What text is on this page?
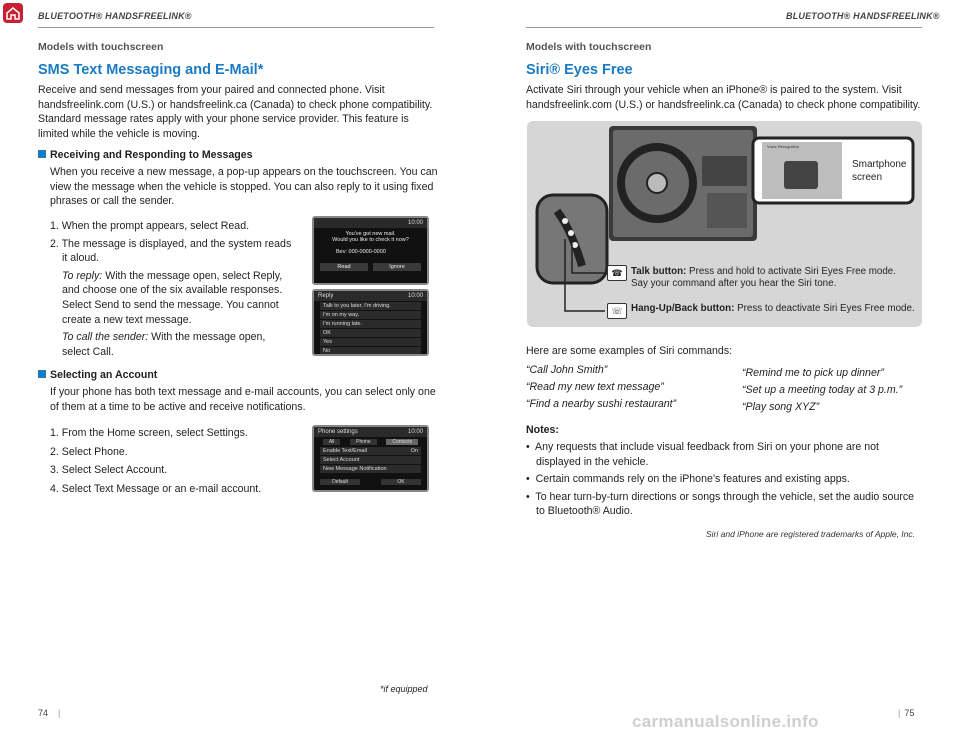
BLUETOOTH® HANDSFREELINK®
Models with touchscreen
SMS Text Messaging and E-Mail*
Receive and send messages from your paired and connected phone. Visit
handsfreelink.com (U.S.) or handsfreelink.ca (Canada) to check phone compatibility.
Standard message rates apply with your phone service provider. This feature is
limited while the vehicle is moving.
Receiving and Responding to Messages
When you receive a new message, a pop-up appears on the touchscreen. You can
view the message when the vehicle is stopped. You can also reply to it using fixed
phrases or call the sender.
1. When the prompt appears, select Read.
2. The message is displayed, and the system reads
it aloud.
To reply: With the message open, select Reply,
and choose one of the six available responses.
Select Send to send the message. You cannot
create a new text message.
To call the sender: With the message open,
select Call.
10:00
You've got new mail.
Would you like to check it now?
Bev: 000-0000-0000
Read	Ignore
Reply	10:00
Talk to you later, I'm driving.
I'm on my way.
I'm running late.
OK
Yes
No
Selecting an Account
If your phone has both text message and e-mail accounts, you can select only one
of them at a time to be active and receive notifications.
1. From the Home screen, select Settings.
2. Select Phone.
3. Select Select Account.
4. Select Text Message or an e-mail account.
Phone settings	10:00
All	Phone	Contacts
Enable Text/Email	On
Select Account
New Message Notification
Default	OK
*if equipped
74 |
BLUETOOTH® HANDSFREELINK®
Models with touchscreen
Siri® Eyes Free
Activate Siri through your vehicle when an iPhone® is paired to the system. Visit
handsfreelink.com (U.S.) or handsfreelink.ca (Canada) to check phone compatibility.
Voice Recognition
Smartphone
screen
☎ Talk button: Press and hold to activate Siri Eyes Free mode.
Say your command after you hear the Siri tone.
☏ Hang-Up/Back button: Press to deactivate Siri Eyes Free mode.
Here are some examples of Siri commands:
“Call John Smith”
“Read my new text message”
“Find a nearby sushi restaurant”
“Remind me to pick up dinner”
“Set up a meeting today at 3 p.m.”
“Play song XYZ”
Notes:
•  Any requests that include visual feedback from Siri on your phone are not
displayed in the vehicle.
•  Certain commands rely on the iPhone’s features and existing apps.
•  To hear turn-by-turn directions or songs through the vehicle, set the audio source
to Bluetooth® Audio.
Siri and iPhone are registered trademarks of Apple, Inc.
| 75
carmanualsonline.info
